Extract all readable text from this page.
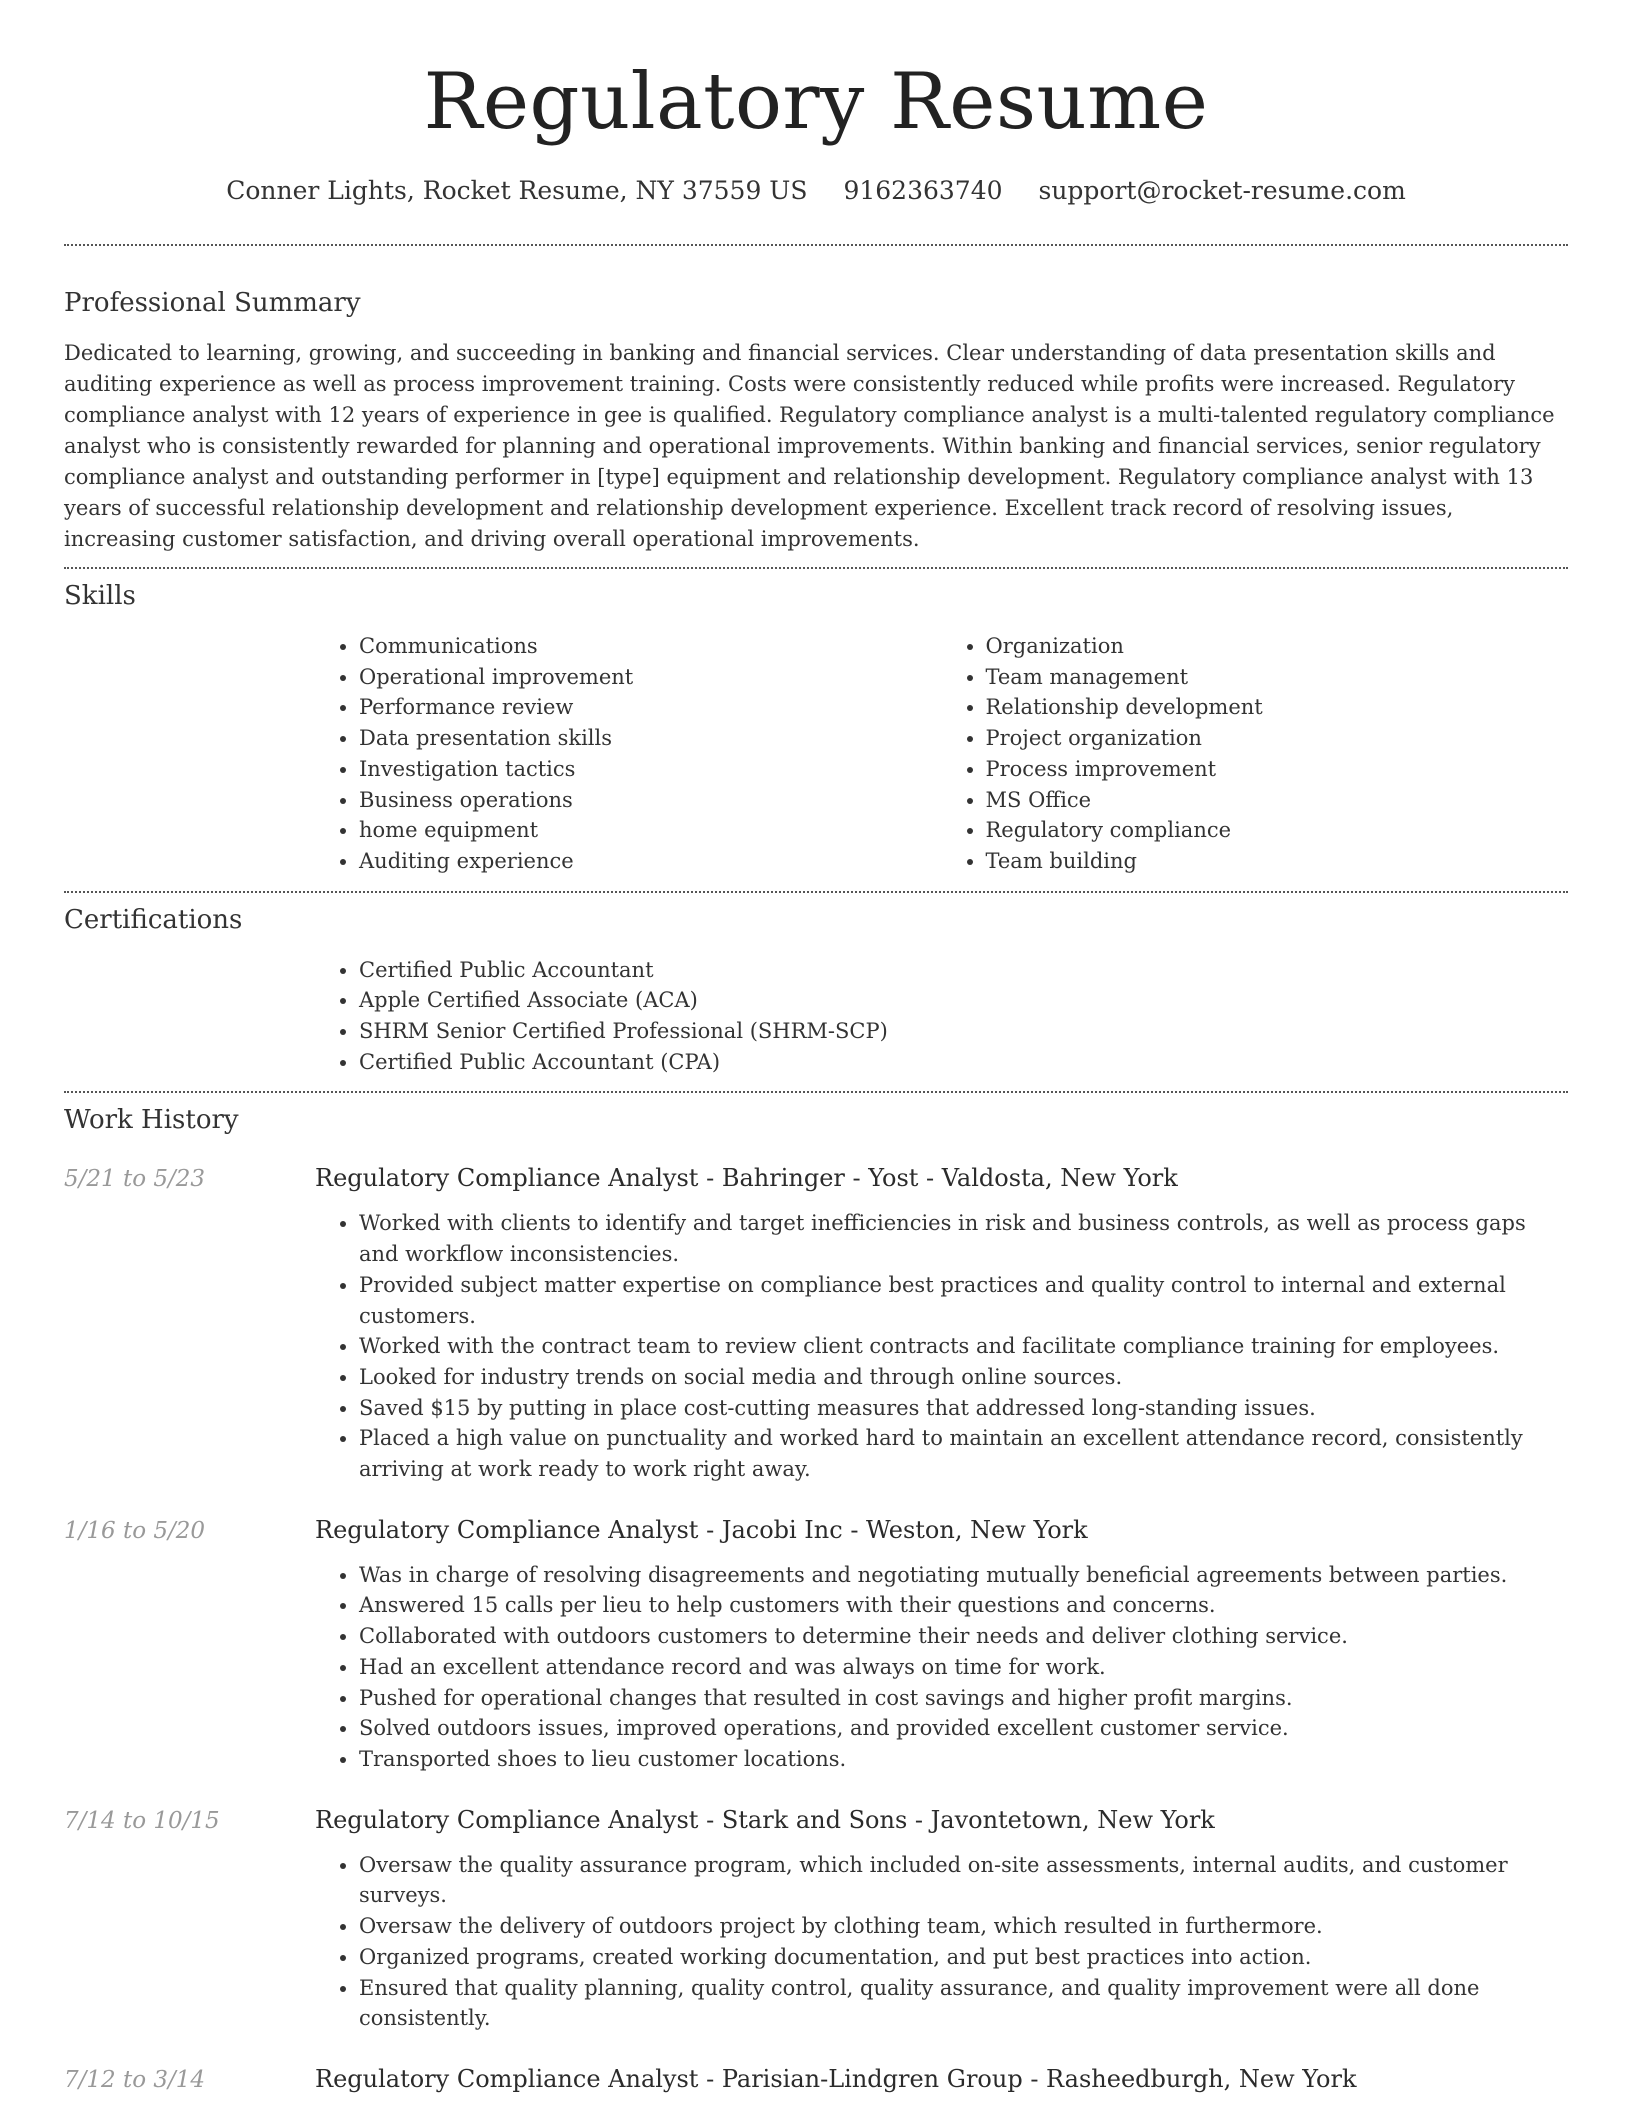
Regulatory Resume
Conner Lights, Rocket Resume, NY 37559 US 9162363740 support@rocket-resume.com
Professional Summary

Dedicated to learning, growing, and succeeding in banking and financial services. Clear understanding of data presentation skills and auditing experience as well as process improvement training. Costs were consistently reduced while profits were increased. Regulatory compliance analyst with 12 years of experience in gee is qualified. Regulatory compliance analyst is a multi-talented regulatory compliance analyst who is consistently rewarded for planning and operational improvements. Within banking and financial services, senior regulatory compliance analyst and outstanding performer in [type] equipment and relationship development. Regulatory compliance analyst with 13 years of successful relationship development and relationship development experience. Excellent track record of resolving issues, increasing customer satisfaction, and driving overall operational improvements.

Skills
• Communications
• Operational improvement
• Performance review
• Data presentation skills
• Investigation tactics
• Business operations
• home equipment
• Auditing experience
• Organization
• Team management
• Relationship development
• Project organization
• Process improvement
• MS Office
• Regulatory compliance
• Team building
Certifications
• Certified Public Accountant
• Apple Certified Associate (ACA)
• SHRM Senior Certified Professional (SHRM-SCP)
• Certified Public Accountant (CPA)
Work History
5/21 to 5/23	Regulatory Compliance Analyst - Bahringer - Yost - Valdosta, New York
• Worked with clients to identify and target inefficiencies in risk and business controls, as well as process gaps and workflow inconsistencies.
• Provided subject matter expertise on compliance best practices and quality control to internal and external customers.
• Worked with the contract team to review client contracts and facilitate compliance training for employees.
• Looked for industry trends on social media and through online sources.
• Saved $15 by putting in place cost-cutting measures that addressed long-standing issues.
• Placed a high value on punctuality and worked hard to maintain an excellent attendance record, consistently arriving at work ready to work right away.
1/16 to 5/20	Regulatory Compliance Analyst - Jacobi Inc - Weston, New York
• Was in charge of resolving disagreements and negotiating mutually beneficial agreements between parties.
• Answered 15 calls per lieu to help customers with their questions and concerns.
• Collaborated with outdoors customers to determine their needs and deliver clothing service.
• Had an excellent attendance record and was always on time for work.
• Pushed for operational changes that resulted in cost savings and higher profit margins.
• Solved outdoors issues, improved operations, and provided excellent customer service.
• Transported shoes to lieu customer locations.
7/14 to 10/15	Regulatory Compliance Analyst - Stark and Sons - Javontetown, New York
• Oversaw the quality assurance program, which included on-site assessments, internal audits, and customer surveys.
• Oversaw the delivery of outdoors project by clothing team, which resulted in furthermore.
• Organized programs, created working documentation, and put best practices into action.
• Ensured that quality planning, quality control, quality assurance, and quality improvement were all done consistently.
7/12 to 3/14	Regulatory Compliance Analyst - Parisian-Lindgren Group - Rasheedburgh, New York
